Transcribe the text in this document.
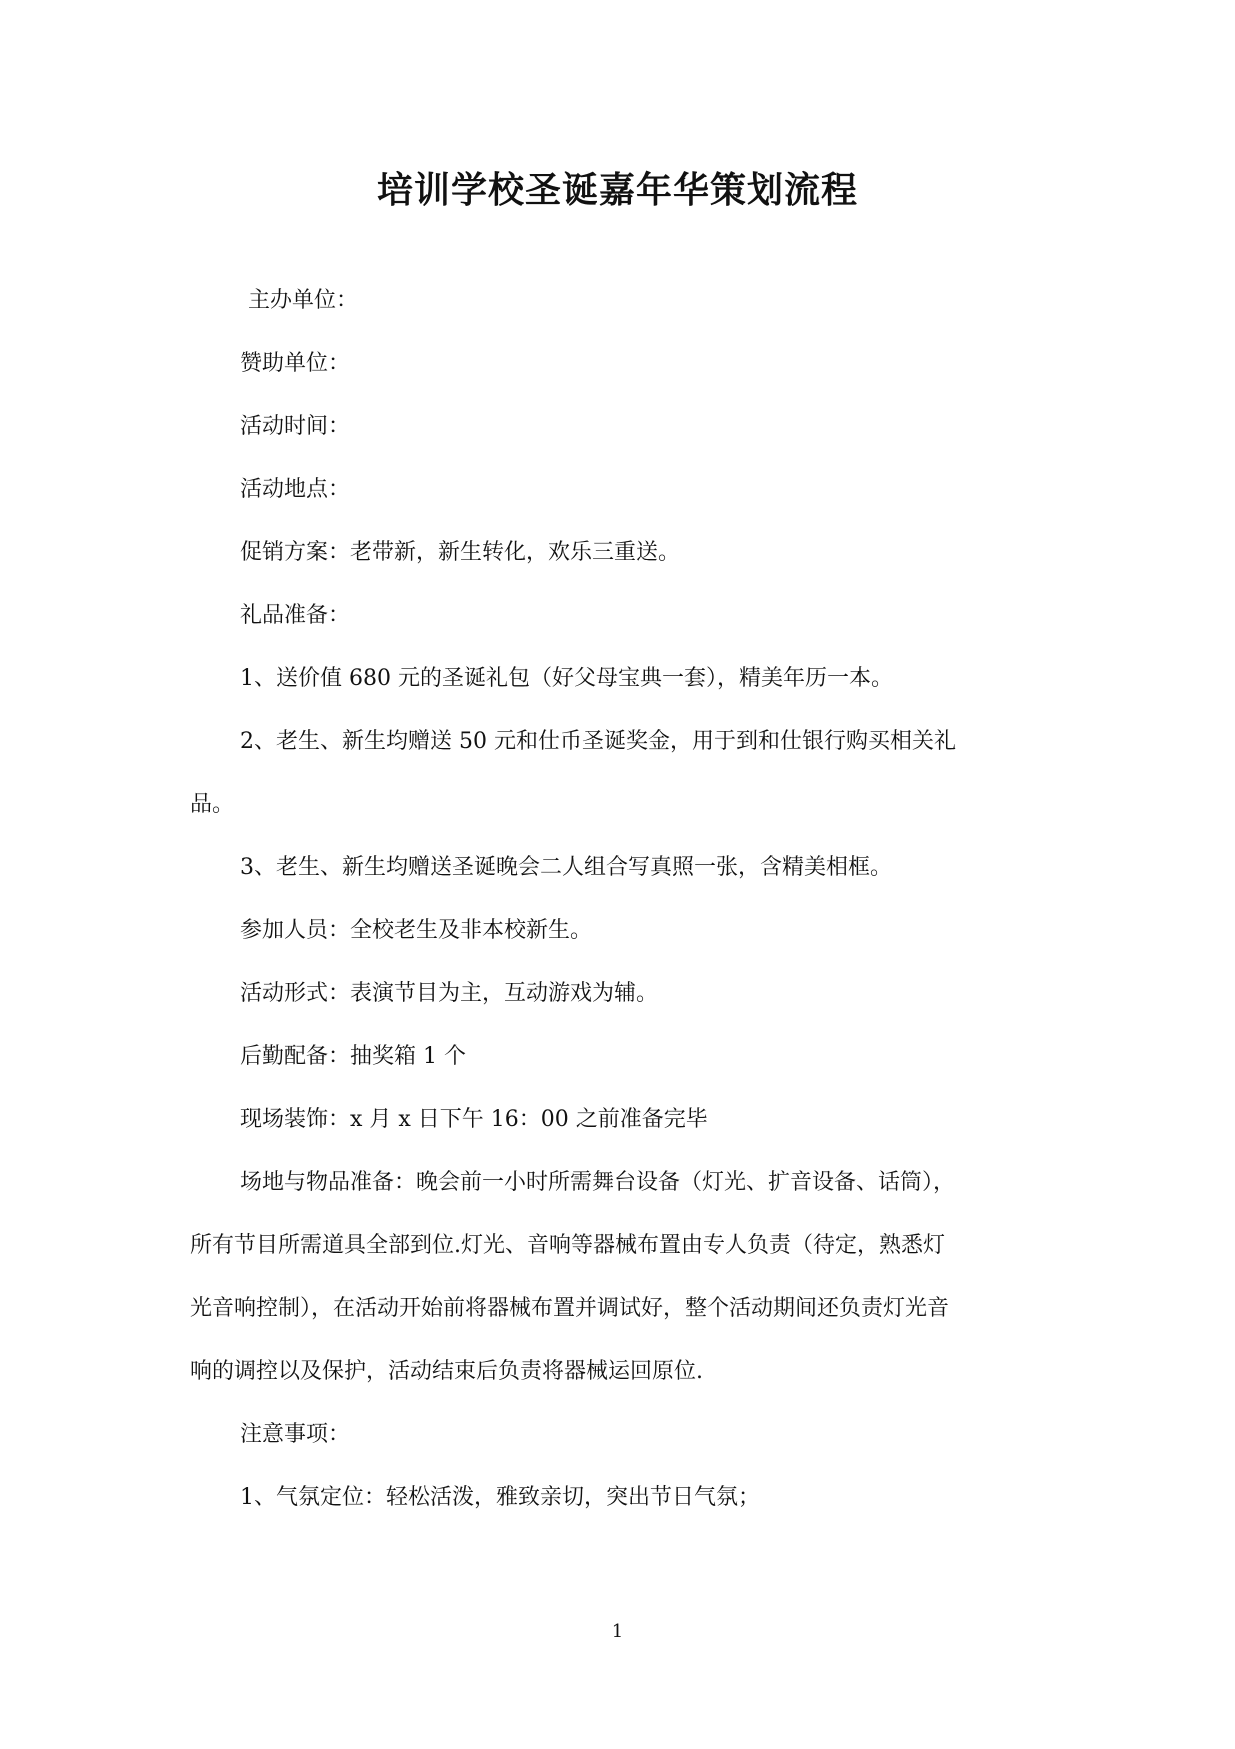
培训学校圣诞嘉年华策划流程
主办单位：
赞助单位：
活动时间：
活动地点：
促销方案：老带新，新生转化，欢乐三重送。
礼品准备：
1、送价值 680 元的圣诞礼包（好父母宝典一套），精美年历一本。
2、老生、新生均赠送 50 元和仕币圣诞奖金，用于到和仕银行购买相关礼
品。
3、老生、新生均赠送圣诞晚会二人组合写真照一张，含精美相框。
参加人员：全校老生及非本校新生。
活动形式：表演节目为主，互动游戏为辅。
后勤配备：抽奖箱 1 个
现场装饰：x 月 x 日下午 16：00 之前准备完毕
场地与物品准备：晚会前一小时所需舞台设备（灯光、扩音设备、话筒），
所有节目所需道具全部到位.灯光、音响等器械布置由专人负责（待定，熟悉灯
光音响控制），在活动开始前将器械布置并调试好，整个活动期间还负责灯光音
响的调控以及保护，活动结束后负责将器械运回原位.
注意事项：
1、气氛定位：轻松活泼，雅致亲切，突出节日气氛；
1
